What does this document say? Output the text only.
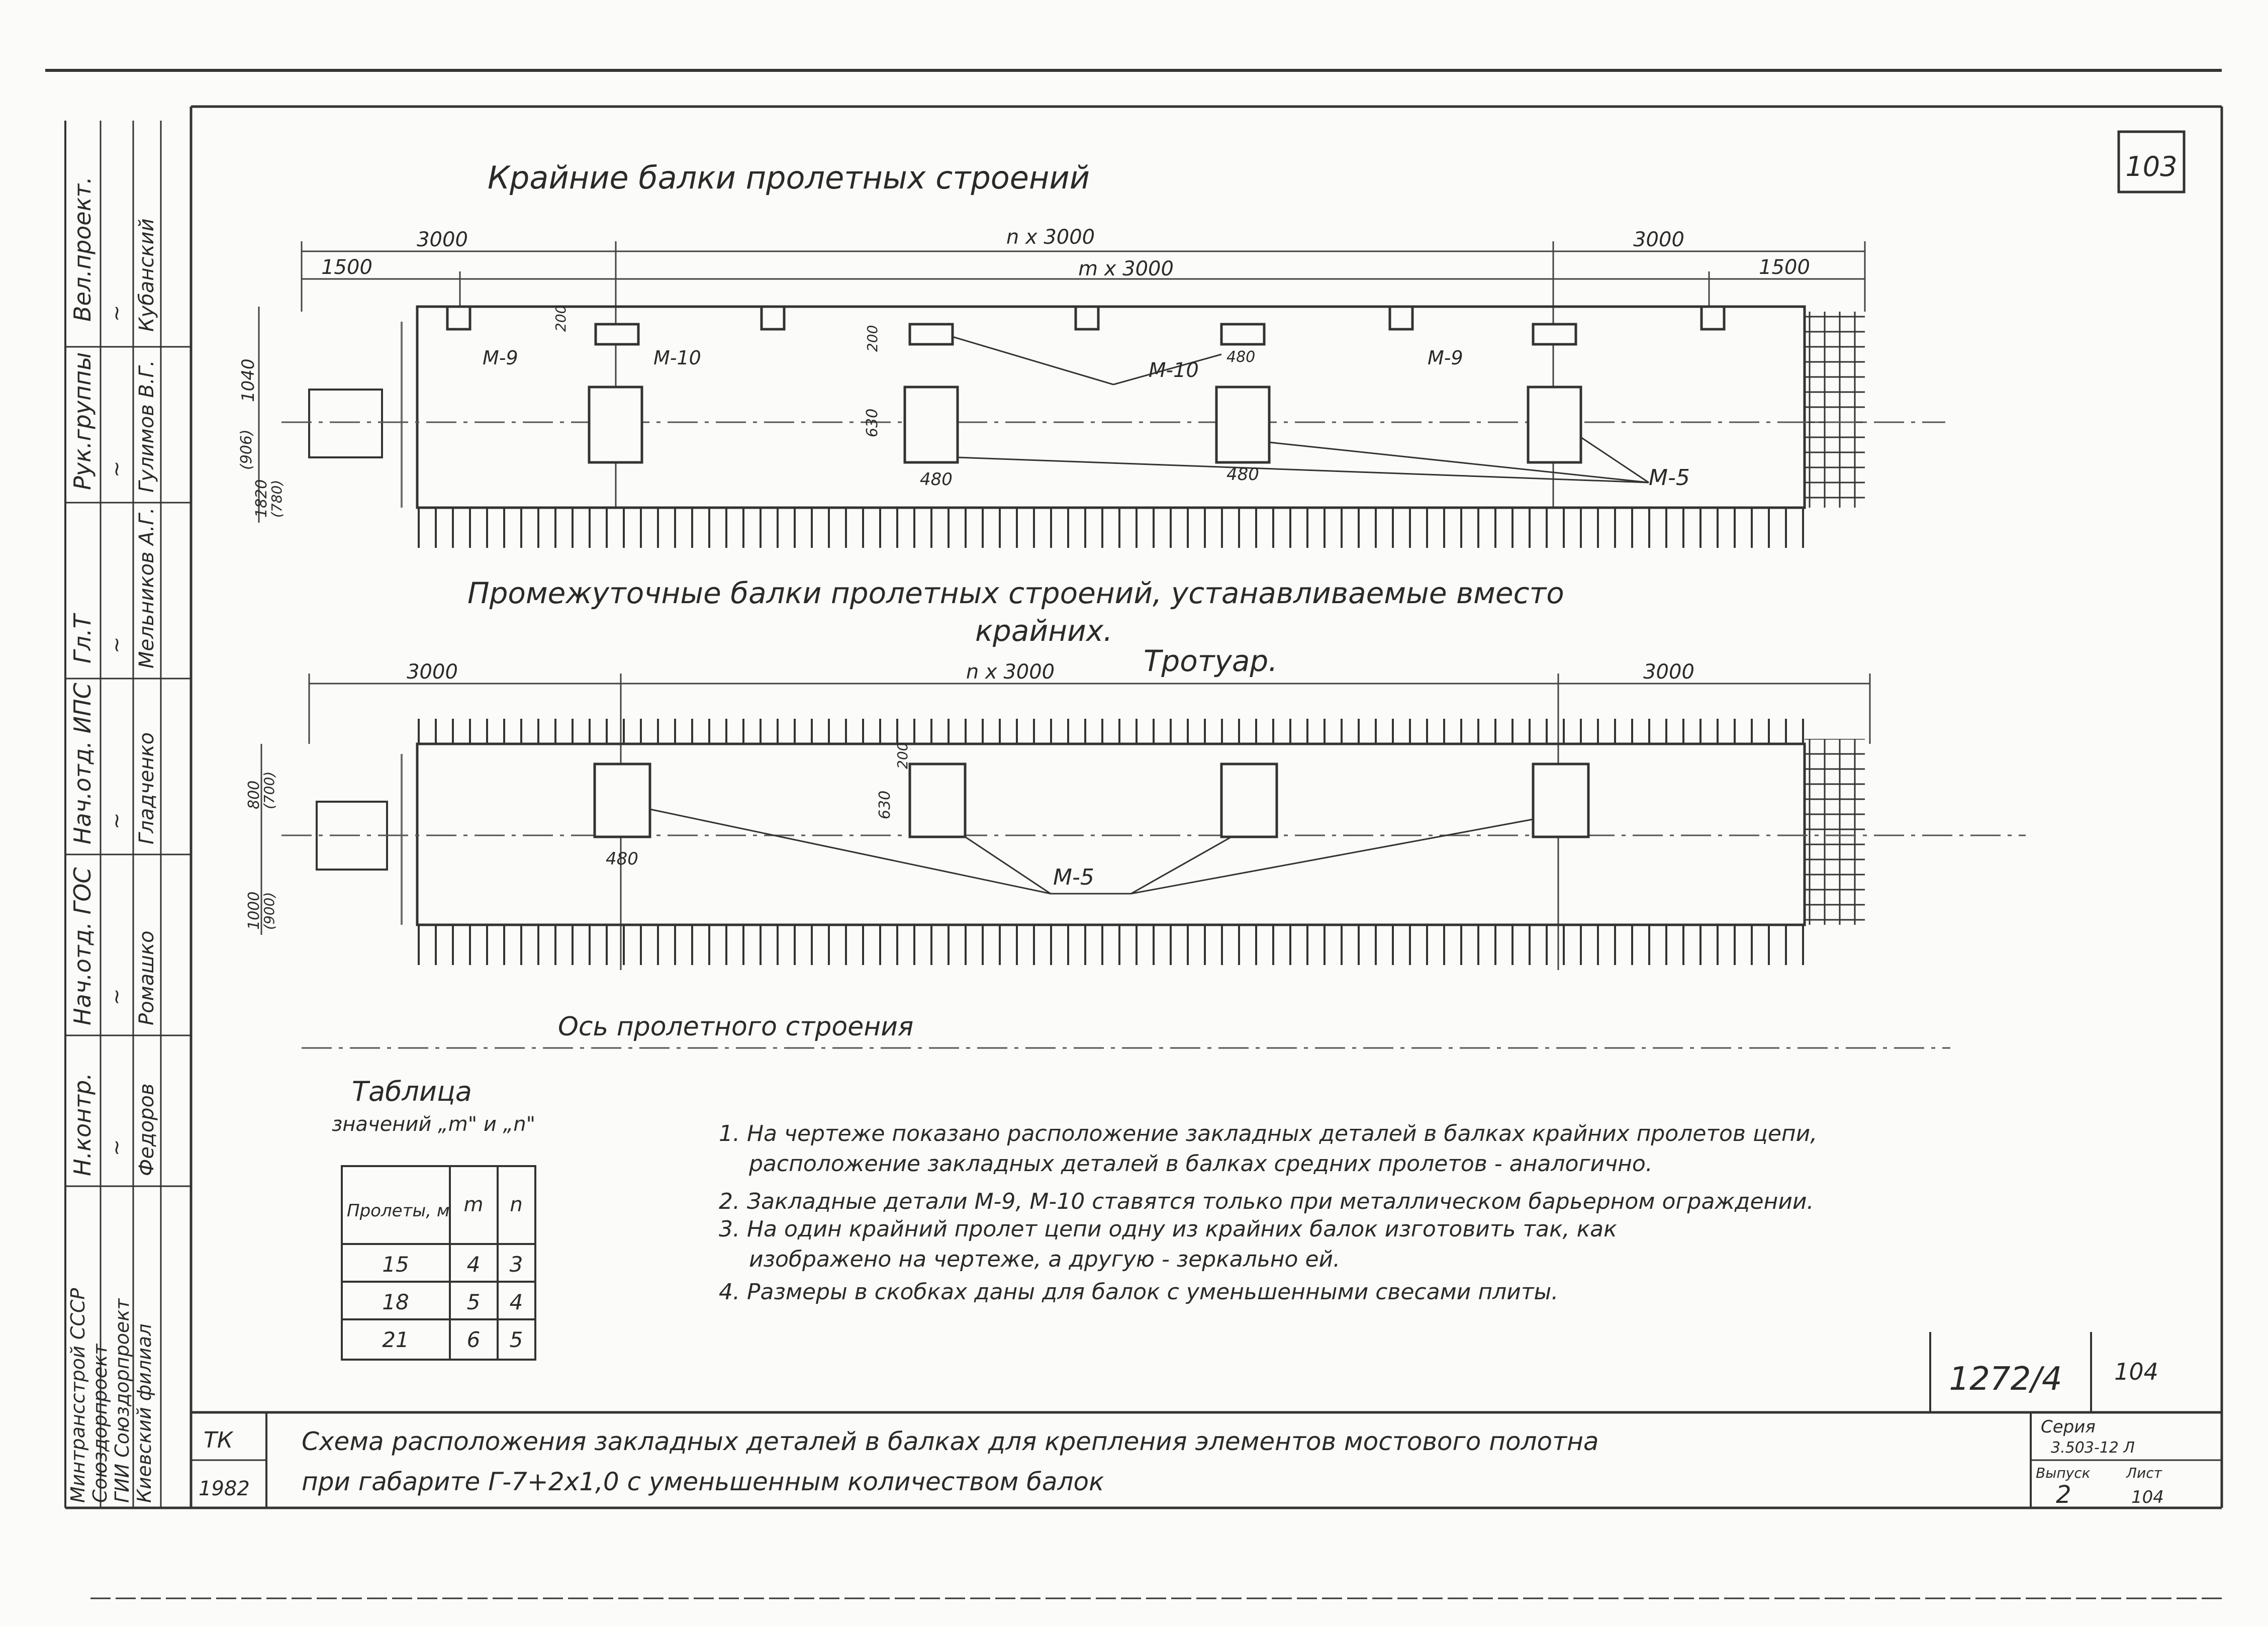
103
Вел.проект. ~ Кубанский
Рук.группы ~ Гулимов В.Г.
Гл.Т ~ Мельников А.Г.
Нач.отд. ИПС ~ Гладченко
Нач.отд. ГОС ~ Ромашко
Н.контр. ~ Федоров
Минтрансстрой СССР Союздорпроект ГИИ Союздорпроект Киевский филиал
Крайние балки пролетных строений
3000	n x 3000	3000
1500	m x 3000	1500
M-9	M-10
M-10
M-9
M-5
200
200
630
480
480	480
1040
(906)
1820
(780)
Промежуточные балки пролетных строений, устанавливаемые вместо
крайних.
Тротуар.
3000	n x 3000	3000
M-5
480
630
200
800
(700)
1000
(900)
Ось пролетного строения
Таблица
значений „m" и „n"
Пролеты, м m n
15	4 3
18	5 4
21	6 5
1. На чертеже показано расположение закладных деталей в балках крайних пролетов цепи,
расположение закладных деталей в балках средних пролетов - аналогично.
2. Закладные детали М-9, М-10 ставятся только при металлическом барьерном ограждении.
3. На один крайний пролет цепи одну из крайних балок изготовить так, как
изображено на чертеже, а другую - зеркально ей.
4. Размеры в скобках даны для балок с уменьшенными свесами плиты.
1272/4 104
ТК
1982
Схема расположения закладных деталей в балках для крепления элементов мостового полотна
при габарите Г-7+2х1,0 с уменьшенным количеством балок
Серия
3.503-12 Л
Выпуск
2
Лист
104
